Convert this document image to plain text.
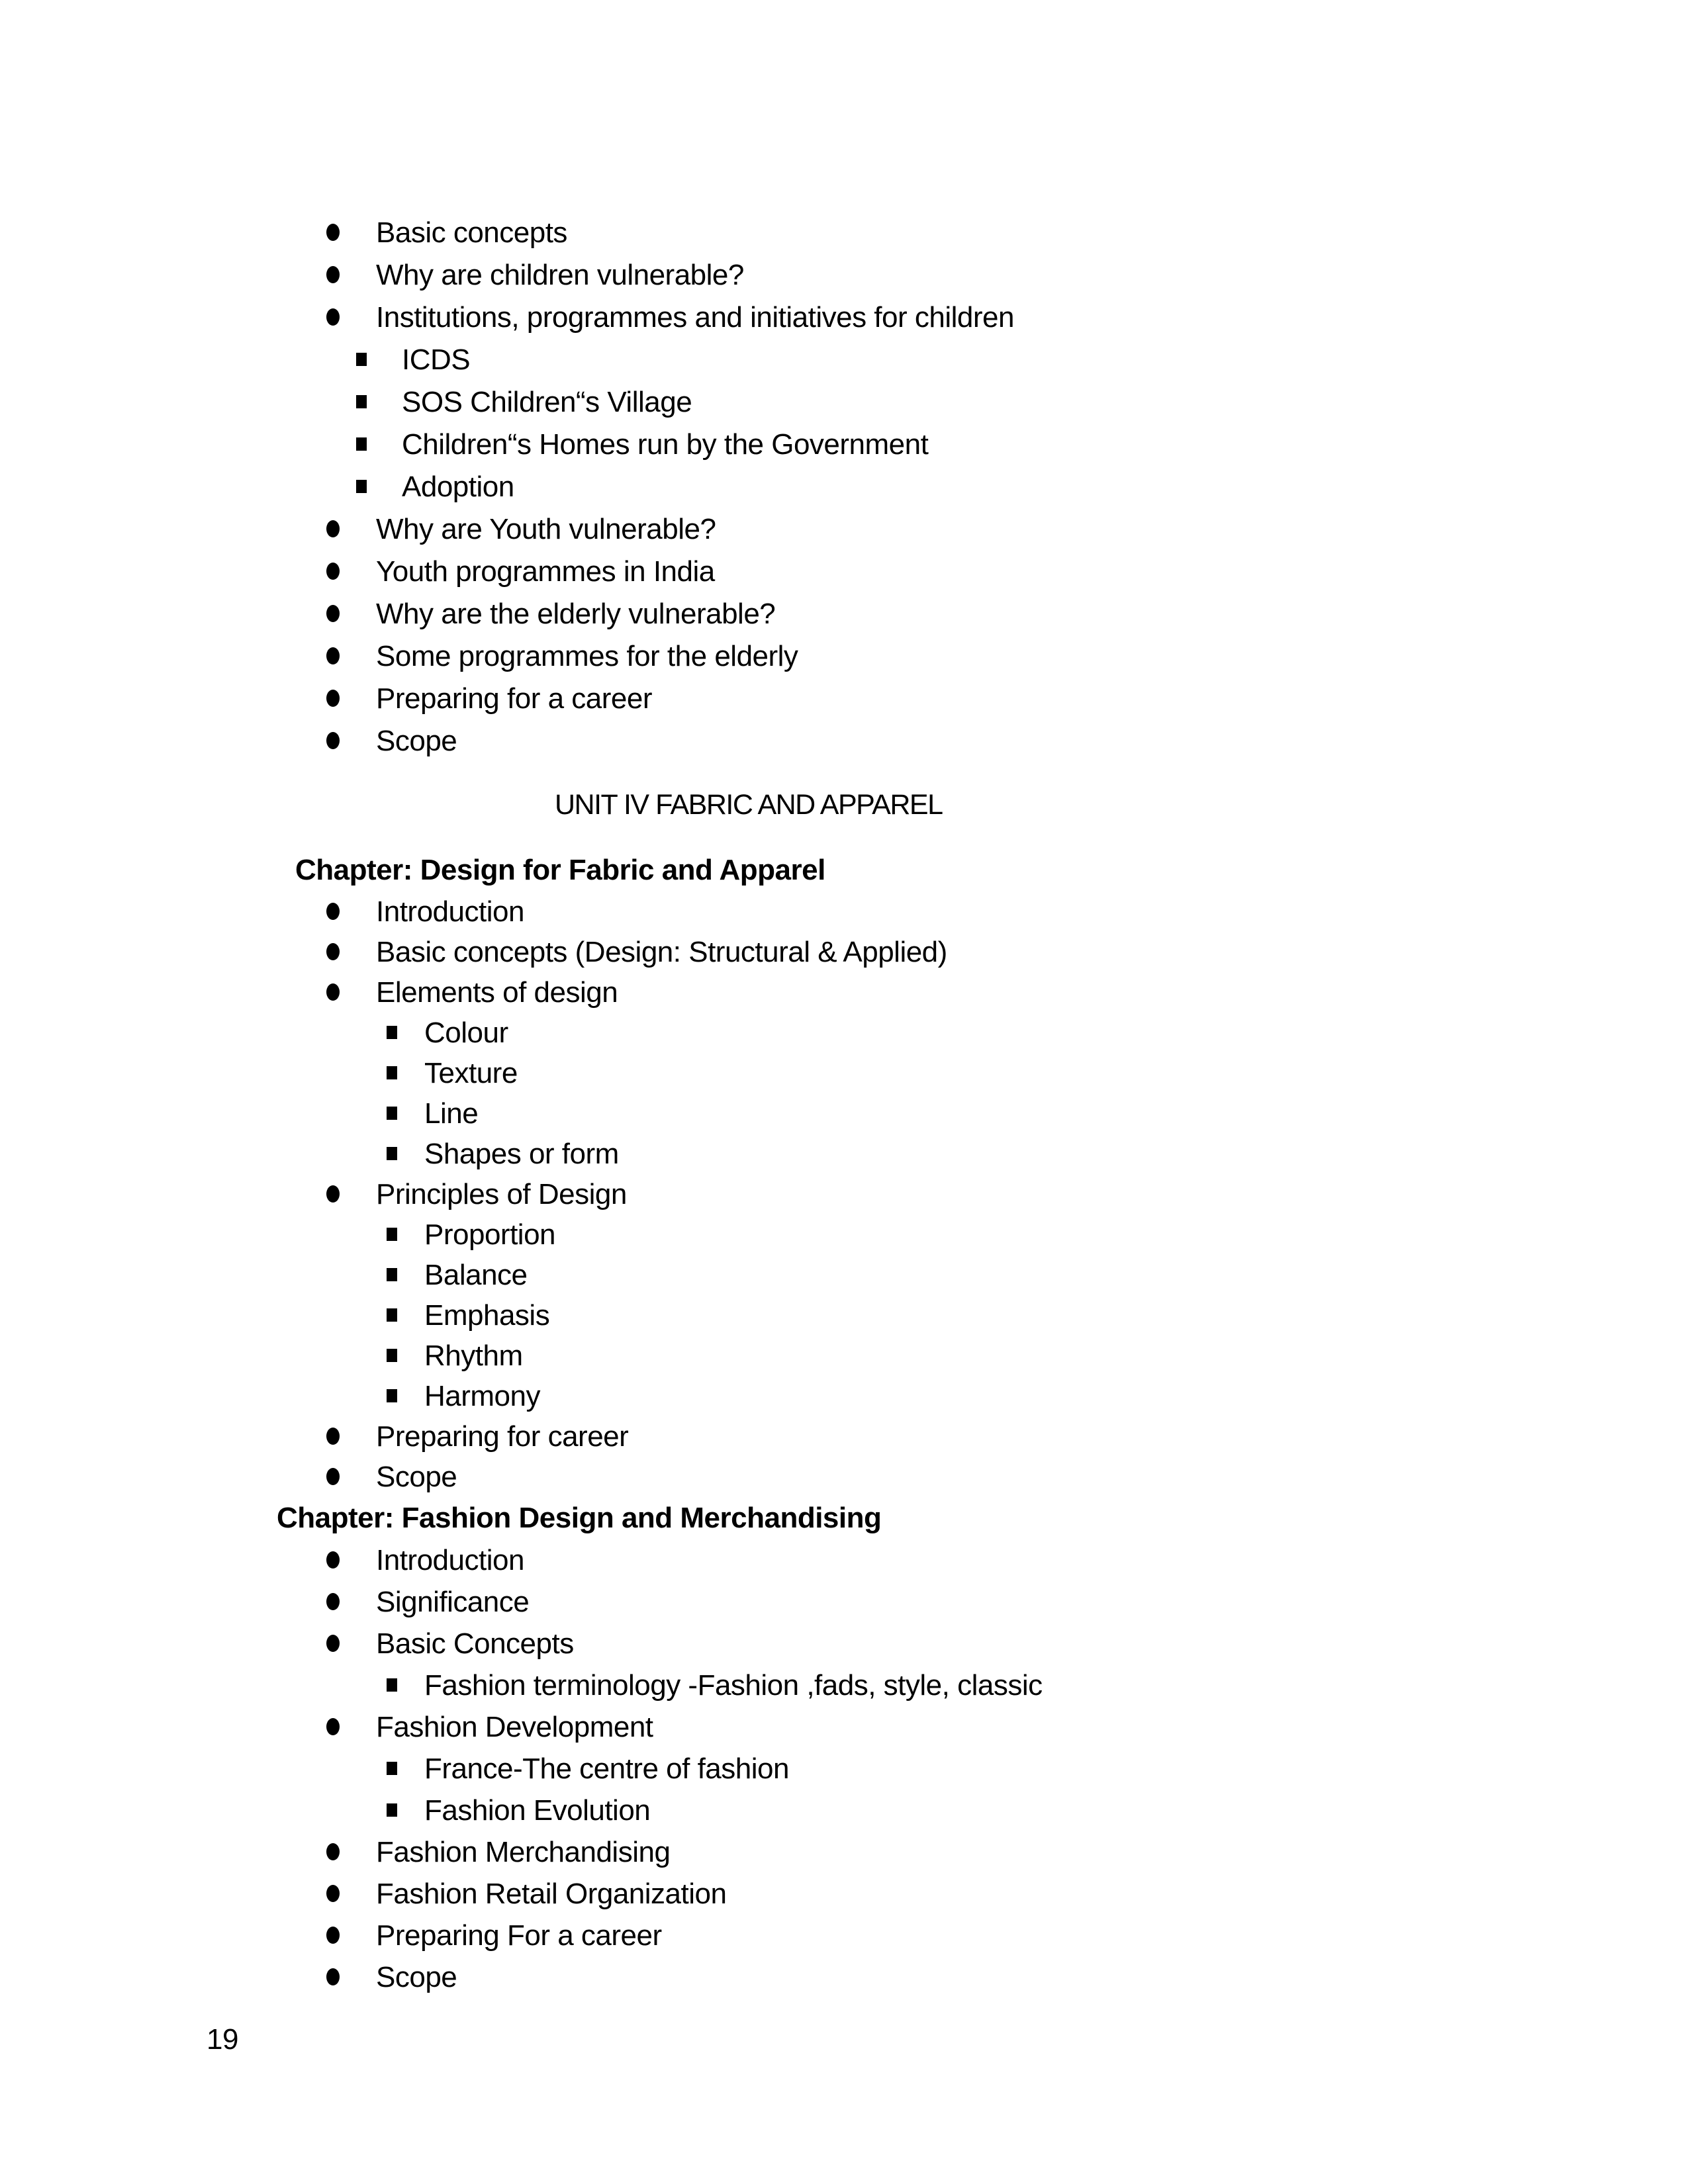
Basic concepts
Why are children vulnerable?
Institutions, programmes and initiatives for children
ICDS
SOS Children“s Village
Children“s Homes run by the Government
Adoption
Why are Youth vulnerable?
Youth programmes in India
Why are the elderly vulnerable?
Some programmes for the elderly
Preparing for a career
Scope
UNIT IV FABRIC AND APPAREL
Chapter: Design for Fabric and Apparel
Introduction
Basic concepts (Design: Structural & Applied)
Elements of design
Colour
Texture
Line
Shapes or form
Principles of Design
Proportion
Balance
Emphasis
Rhythm
Harmony
Preparing for career
Scope
Chapter: Fashion Design and Merchandising
Introduction
Significance
Basic Concepts
Fashion terminology -Fashion ,fads, style, classic
Fashion Development
France-The centre of fashion
Fashion Evolution
Fashion Merchandising
Fashion Retail Organization
Preparing For a career
Scope
19
